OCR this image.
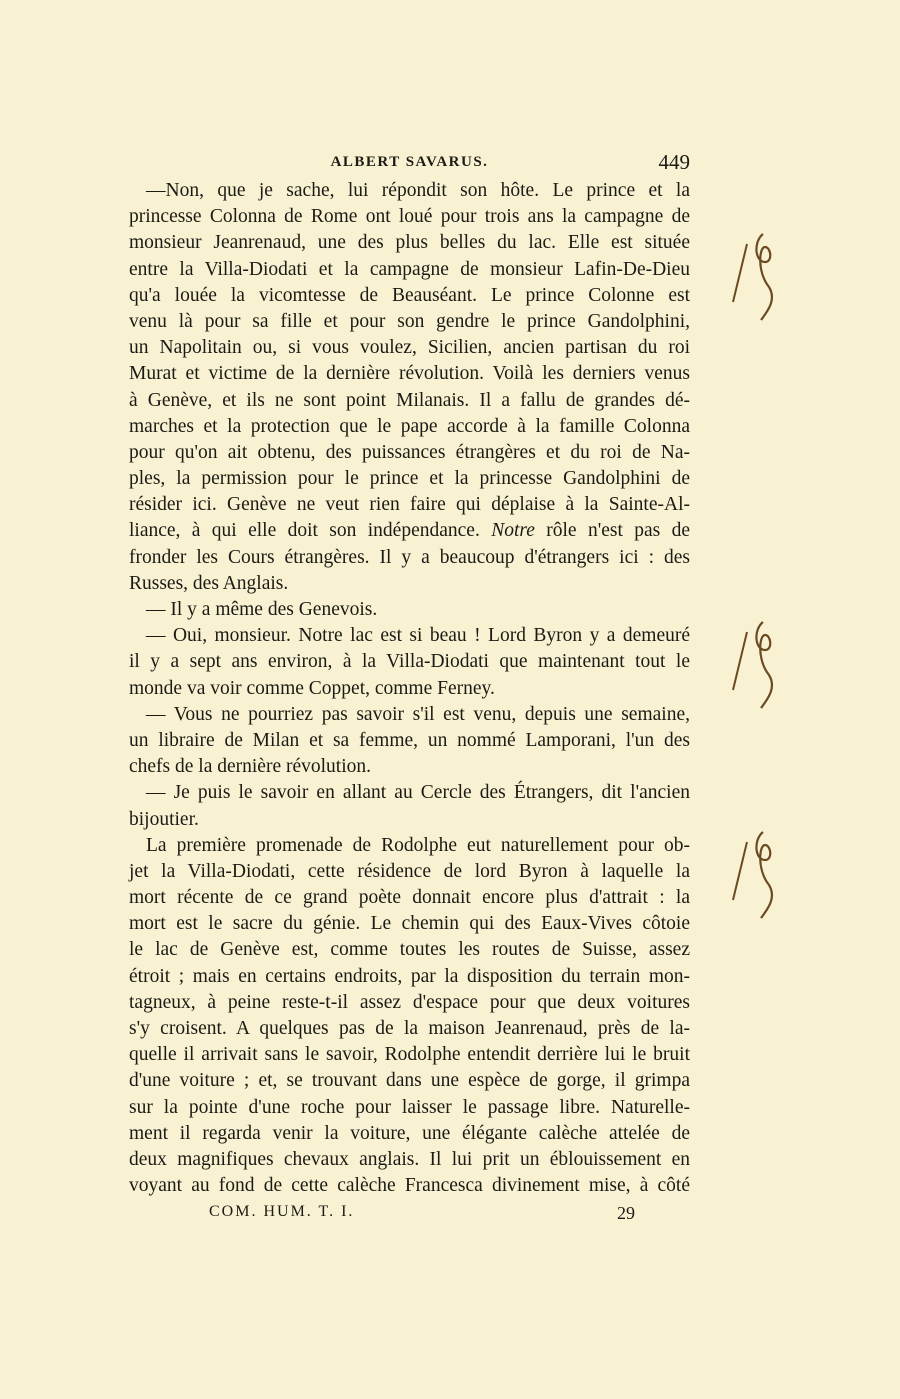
ALBERT SAVARUS.	449
—Non, que je sache, lui répondit son hôte. Le prince et la
princesse Colonna de Rome ont loué pour trois ans la campagne de
monsieur Jeanrenaud, une des plus belles du lac. Elle est située
entre la Villa-Diodati et la campagne de monsieur Lafin-De-Dieu
qu'a louée la vicomtesse de Beauséant. Le prince Colonne est
venu là pour sa fille et pour son gendre le prince Gandolphini,
un Napolitain ou, si vous voulez, Sicilien, ancien partisan du roi
Murat et victime de la dernière révolution. Voilà les derniers venus
à Genève, et ils ne sont point Milanais. Il a fallu de grandes dé-
marches et la protection que le pape accorde à la famille Colonna
pour qu'on ait obtenu, des puissances étrangères et du roi de Na-
ples, la permission pour le prince et la princesse Gandolphini de
résider ici. Genève ne veut rien faire qui déplaise à la Sainte-Al-
liance, à qui elle doit son indépendance. Notre rôle n'est pas de
fronder les Cours étrangères. Il y a beaucoup d'étrangers ici : des
Russes, des Anglais.
— Il y a même des Genevois.
— Oui, monsieur. Notre lac est si beau ! Lord Byron y a demeuré
il y a sept ans environ, à la Villa-Diodati que maintenant tout le
monde va voir comme Coppet, comme Ferney.
— Vous ne pourriez pas savoir s'il est venu, depuis une semaine,
un libraire de Milan et sa femme, un nommé Lamporani, l'un des
chefs de la dernière révolution.
— Je puis le savoir en allant au Cercle des Étrangers, dit l'ancien
bijoutier.
La première promenade de Rodolphe eut naturellement pour ob-
jet la Villa-Diodati, cette résidence de lord Byron à laquelle la
mort récente de ce grand poète donnait encore plus d'attrait : la
mort est le sacre du génie. Le chemin qui des Eaux-Vives côtoie
le lac de Genève est, comme toutes les routes de Suisse, assez
étroit ; mais en certains endroits, par la disposition du terrain mon-
tagneux, à peine reste-t-il assez d'espace pour que deux voitures
s'y croisent. A quelques pas de la maison Jeanrenaud, près de la-
quelle il arrivait sans le savoir, Rodolphe entendit derrière lui le bruit
d'une voiture ; et, se trouvant dans une espèce de gorge, il grimpa
sur la pointe d'une roche pour laisser le passage libre. Naturelle-
ment il regarda venir la voiture, une élégante calèche attelée de
deux magnifiques chevaux anglais. Il lui prit un éblouissement en
voyant au fond de cette calèche Francesca divinement mise, à côté
COM. HUM. T. I.	29
